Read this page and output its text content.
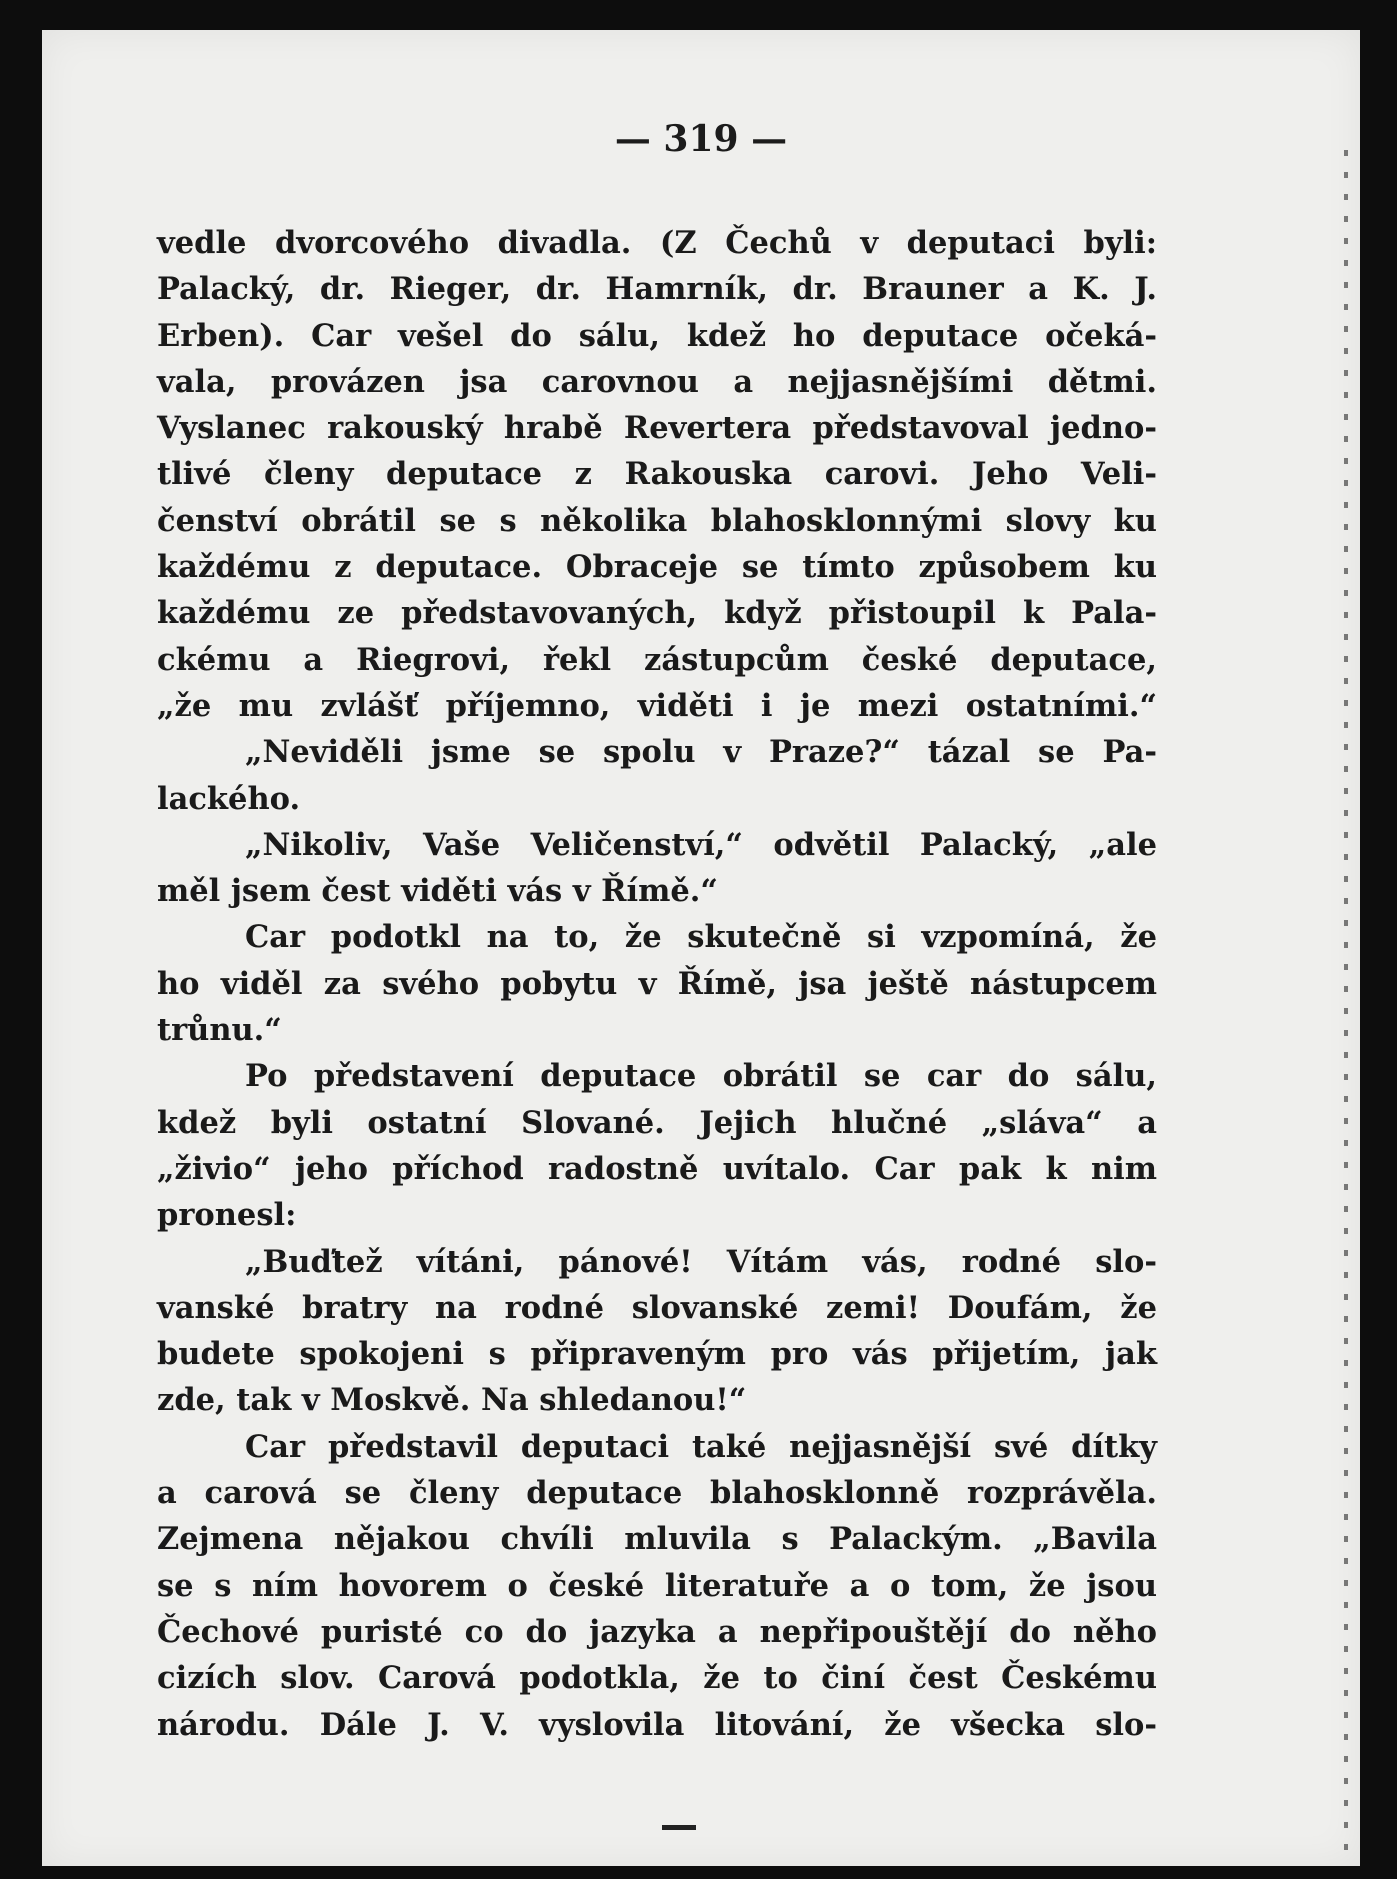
— 319 —
vedle dvorcového divadla. (Z Čechů v deputaci byli:
Palacký, dr. Rieger, dr. Hamrník, dr. Brauner a K. J.
Erben). Car vešel do sálu, kdež ho deputace očeká-
vala, provázen jsa carovnou a nejjasnějšími dětmi.
Vyslanec rakouský hrabě Revertera představoval jedno-
tlivé členy deputace z Rakouska carovi. Jeho Veli-
čenství obrátil se s několika blahosklonnými slovy ku
každému z deputace. Obraceje se tímto způsobem ku
každému ze představovaných, když přistoupil k Pala-
ckému a Riegrovi, řekl zástupcům české deputace,
„že mu zvlášť příjemno, viděti i je mezi ostatními.“
„Neviděli jsme se spolu v Praze?“ tázal se Pa-
lackého.
„Nikoliv, Vaše Veličenství,“ odvětil Palacký, „ale
měl jsem čest viděti vás v Římě.“
Car podotkl na to, že skutečně si vzpomíná, že
ho viděl za svého pobytu v Římě, jsa ještě nástupcem
trůnu.“
Po představení deputace obrátil se car do sálu,
kdež byli ostatní Slované. Jejich hlučné „sláva“ a
„živio“ jeho příchod radostně uvítalo. Car pak k nim
pronesl:
„Buďtež vítáni, pánové! Vítám vás, rodné slo-
vanské bratry na rodné slovanské zemi! Doufám, že
budete spokojeni s připraveným pro vás přijetím, jak
zde, tak v Moskvě. Na shledanou!“
Car představil deputaci také nejjasnější své dítky
a carová se členy deputace blahosklonně rozprávěla.
Zejmena nějakou chvíli mluvila s Palackým. „Bavila
se s ním hovorem o české literatuře a o tom, že jsou
Čechové puristé co do jazyka a nepřipouštějí do něho
cizích slov. Carová podotkla, že to činí čest Českému
národu. Dále J. V. vyslovila litování, že všecka slo-
